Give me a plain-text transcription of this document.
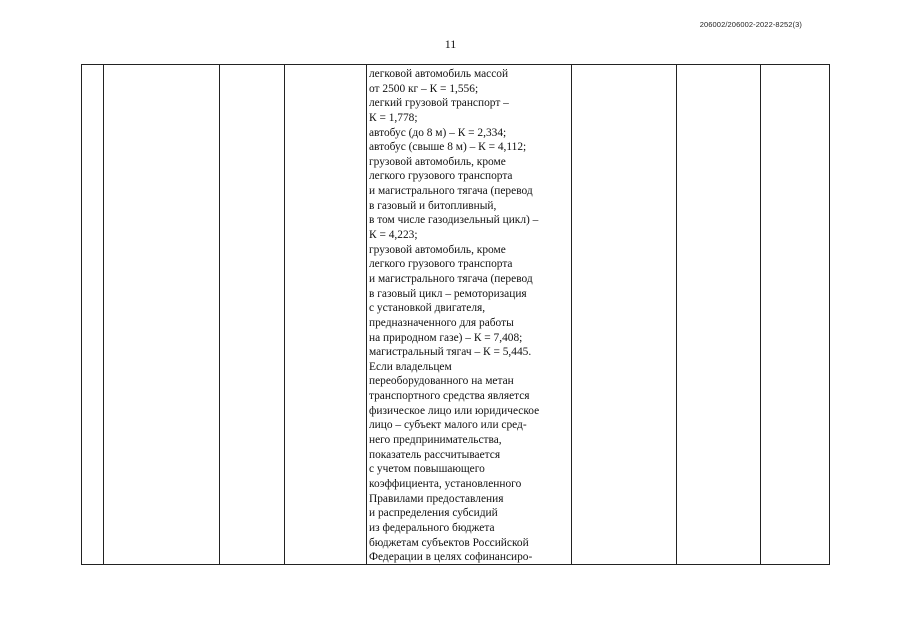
206002/206002-2022-8252(3)
11
легковой автомобиль массой
от 2500 кг – К = 1,556;
легкий грузовой транспорт –
К = 1,778;
автобус (до 8 м) – К = 2,334;
автобус (свыше 8 м) – К = 4,112;
грузовой автомобиль, кроме
легкого грузового транспорта
и магистрального тягача (перевод
в газовый и битопливный,
в том числе газодизельный цикл) –
К = 4,223;
грузовой автомобиль, кроме
легкого грузового транспорта
и магистрального тягача (перевод
в газовый цикл – ремоторизация
с установкой двигателя,
предназначенного для работы
на природном газе) – К = 7,408;
магистральный тягач – К = 5,445.
Если владельцем
переоборудованного на метан
транспортного средства является
физическое лицо или юридическое
лицо – субъект малого или сред-
него предпринимательства,
показатель рассчитывается
с учетом повышающего
коэффициента, установленного
Правилами предоставления
и распределения субсидий
из федерального бюджета
бюджетам субъектов Российской
Федерации в целях софинансиро-
